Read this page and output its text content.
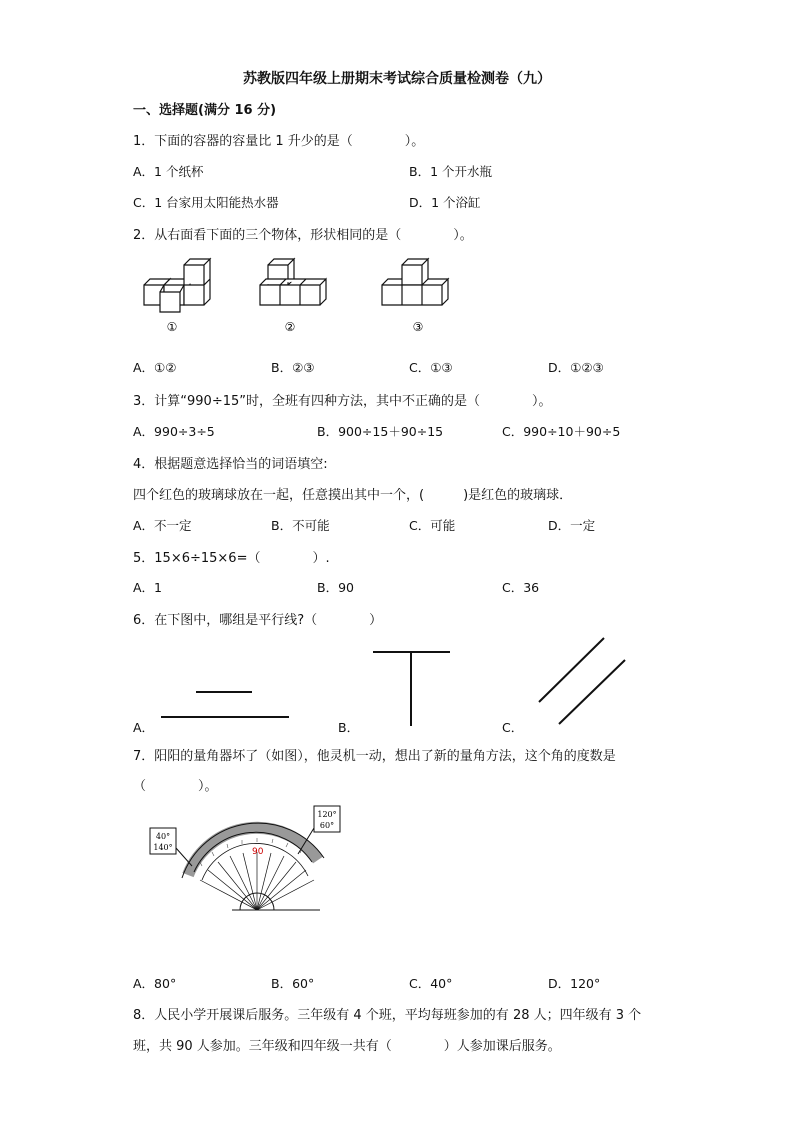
苏教版四年级上册期末考试综合质量检测卷（九）
一、选择题(满分 16 分)
1．下面的容器的容量比 1 升少的是（　　　　）。
A．1 个纸杯	B．1 个开水瓶
C．1 台家用太阳能热水器	D．1 个浴缸
2．从右面看下面的三个物体，形状相同的是（　　　　）。
①	②	③
A．①②	B．②③	C．①③	D．①②③
3．计算“990÷15”时，全班有四种方法，其中不正确的是（　　　　）。
A．990÷3÷5	B．900÷15＋90÷15	C．990÷10＋90÷5
4．根据题意选择恰当的词语填空:
四个红色的玻璃球放在一起，任意摸出其中一个，(　　　)是红色的玻璃球．
A．不一定	B．不可能	C．可能	D．一定
5．15×6÷15×6=（　　　　）.
A．1	B．90	C．36
6．在下图中，哪组是平行线?（　　　　）
A．	B．	C．
7．阳阳的量角器坏了（如图），他灵机一动，想出了新的量角方法，这个角的度数是
（　　　　）。
90
40°
140°
120°
60°
A．80°	B．60°	C．40°	D．120°
8．人民小学开展课后服务。三年级有 4 个班，平均每班参加的有 28 人；四年级有 3 个
班，共 90 人参加。三年级和四年级一共有（　　　　）人参加课后服务。
